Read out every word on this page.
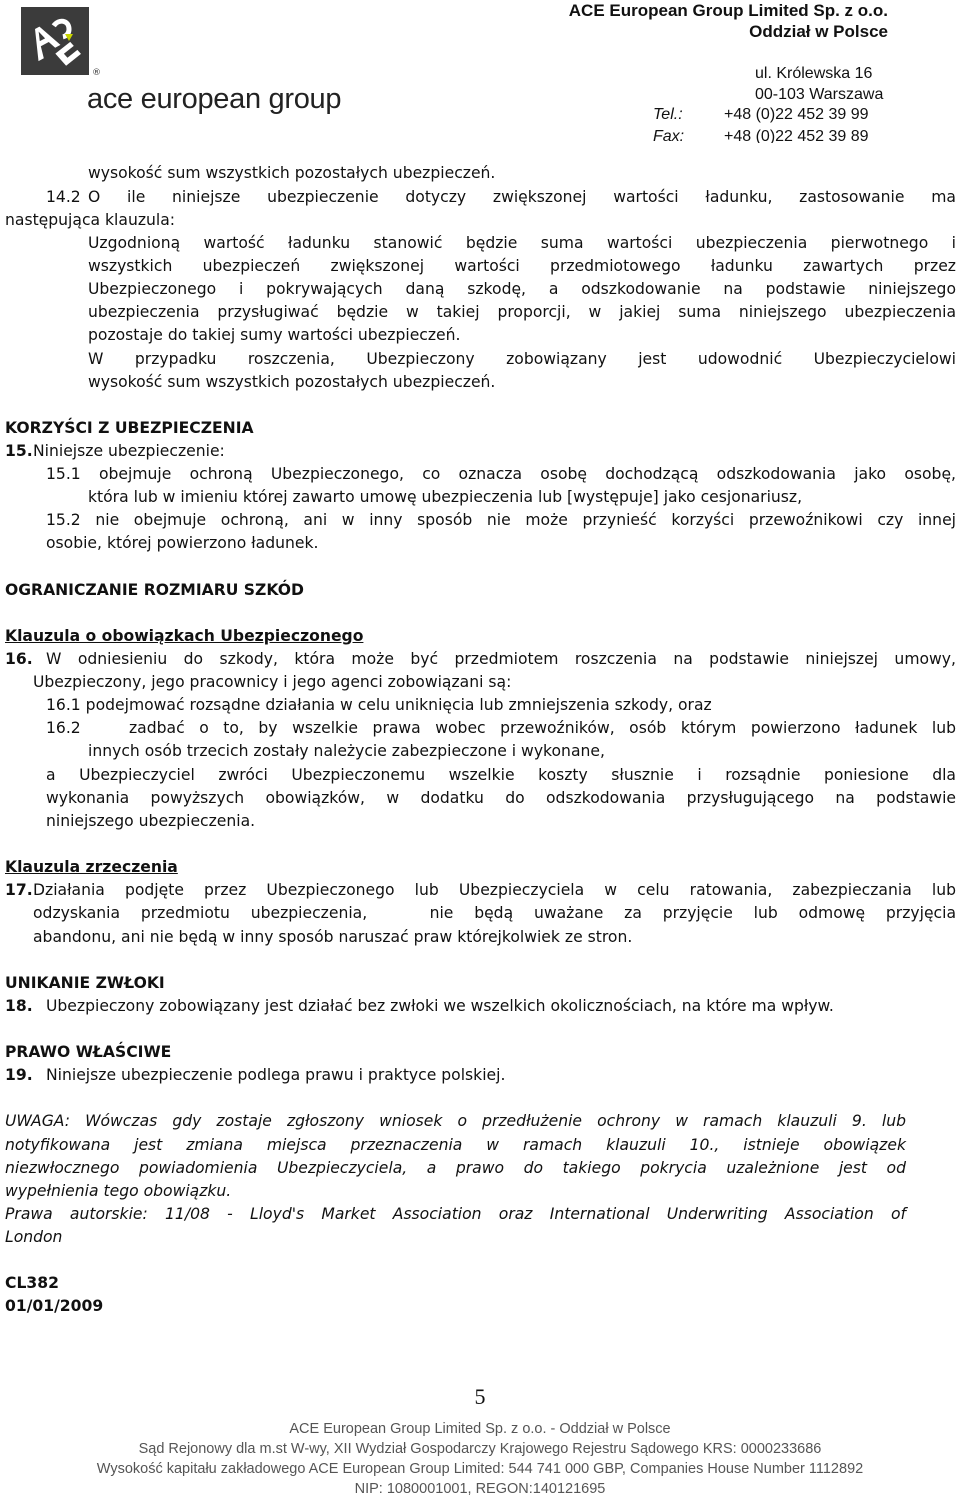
®
ace european group
ACE European Group Limited Sp. z o.o.
Oddział w Polsce
ul. Królewska 16
00-103 Warszawa
Tel.:	+48 (0)22 452 39 99
Fax: +48 (0)22 452 39 89
wysokość sum wszystkich pozostałych ubezpieczeń.
14.2 O ile niniejsze ubezpieczenie dotyczy zwiększonej wartości ładunku, zastosowanie ma
następująca klauzula:
Uzgodnioną wartość ładunku stanowić będzie suma wartości ubezpieczenia pierwotnego i
wszystkich ubezpieczeń zwiększonej wartości przedmiotowego ładunku zawartych przez
Ubezpieczonego i pokrywających daną szkodę, a odszkodowanie na podstawie niniejszego
ubezpieczenia przysługiwać będzie w takiej proporcji, w jakiej suma niniejszego ubezpieczenia
pozostaje do takiej sumy wartości ubezpieczeń.
W przypadku roszczenia, Ubezpieczony zobowiązany jest udowodnić Ubezpieczycielowi
wysokość sum wszystkich pozostałych ubezpieczeń.
KORZYŚCI Z UBEZPIECZENIA
15. Niniejsze ubezpieczenie:
15.1 obejmuje ochroną Ubezpieczonego, co oznacza osobę dochodzącą odszkodowania jako osobę,
która lub w imieniu której zawarto umowę ubezpieczenia lub [występuje] jako cesjonariusz,
15.2 nie obejmuje ochroną, ani w inny sposób nie może przynieść korzyści przewoźnikowi czy innej
osobie, której powierzono ładunek.
OGRANICZANIE ROZMIARU SZKÓD
Klauzula o obowiązkach Ubezpieczonego
16. W odniesieniu do szkody, która może być przedmiotem roszczenia na podstawie niniejszej umowy,
Ubezpieczony, jego pracownicy i jego agenci zobowiązani są:
16.1 podejmować rozsądne działania w celu uniknięcia lub zmniejszenia szkody, oraz
16.2	zadbać o to, by wszelkie prawa wobec przewoźników, osób którym powierzono ładunek lub
innych osób trzecich zostały należycie zabezpieczone i wykonane,
a Ubezpieczyciel zwróci Ubezpieczonemu wszelkie koszty słusznie i rozsądnie poniesione dla
wykonania powyższych obowiązków, w dodatku do odszkodowania przysługującego na podstawie
niniejszego ubezpieczenia.
Klauzula zrzeczenia
17. Działania podjęte przez Ubezpieczonego lub Ubezpieczyciela w celu ratowania, zabezpieczania lub
odzyskania przedmiotu ubezpieczenia,   nie będą uważane za przyjęcie lub odmowę przyjęcia
abandonu, ani nie będą w inny sposób naruszać praw którejkolwiek ze stron.
UNIKANIE ZWŁOKI
18. Ubezpieczony zobowiązany jest działać bez zwłoki we wszelkich okolicznościach, na które ma wpływ.
PRAWO WŁAŚCIWE
19. Niniejsze ubezpieczenie podlega prawu i praktyce polskiej.
UWAGA: Wówczas gdy zostaje zgłoszony wniosek o przedłużenie ochrony w ramach klauzuli 9. lub
notyfikowana jest zmiana miejsca przeznaczenia w ramach klauzuli 10., istnieje obowiązek
niezwłocznego powiadomienia Ubezpieczyciela, a prawo do takiego pokrycia uzależnione jest od
wypełnienia tego obowiązku.
Prawa autorskie: 11/08 - Lloyd's Market Association oraz International Underwriting Association of
London
CL382
01/01/2009
5
ACE European Group Limited Sp. z o.o. - Oddział w Polsce
Sąd Rejonowy dla m.st W-wy, XII Wydział Gospodarczy Krajowego Rejestru Sądowego KRS: 0000233686
Wysokość kapitału zakładowego ACE European Group Limited: 544 741 000 GBP, Companies House Number 1112892
NIP: 1080001001, REGON:140121695
